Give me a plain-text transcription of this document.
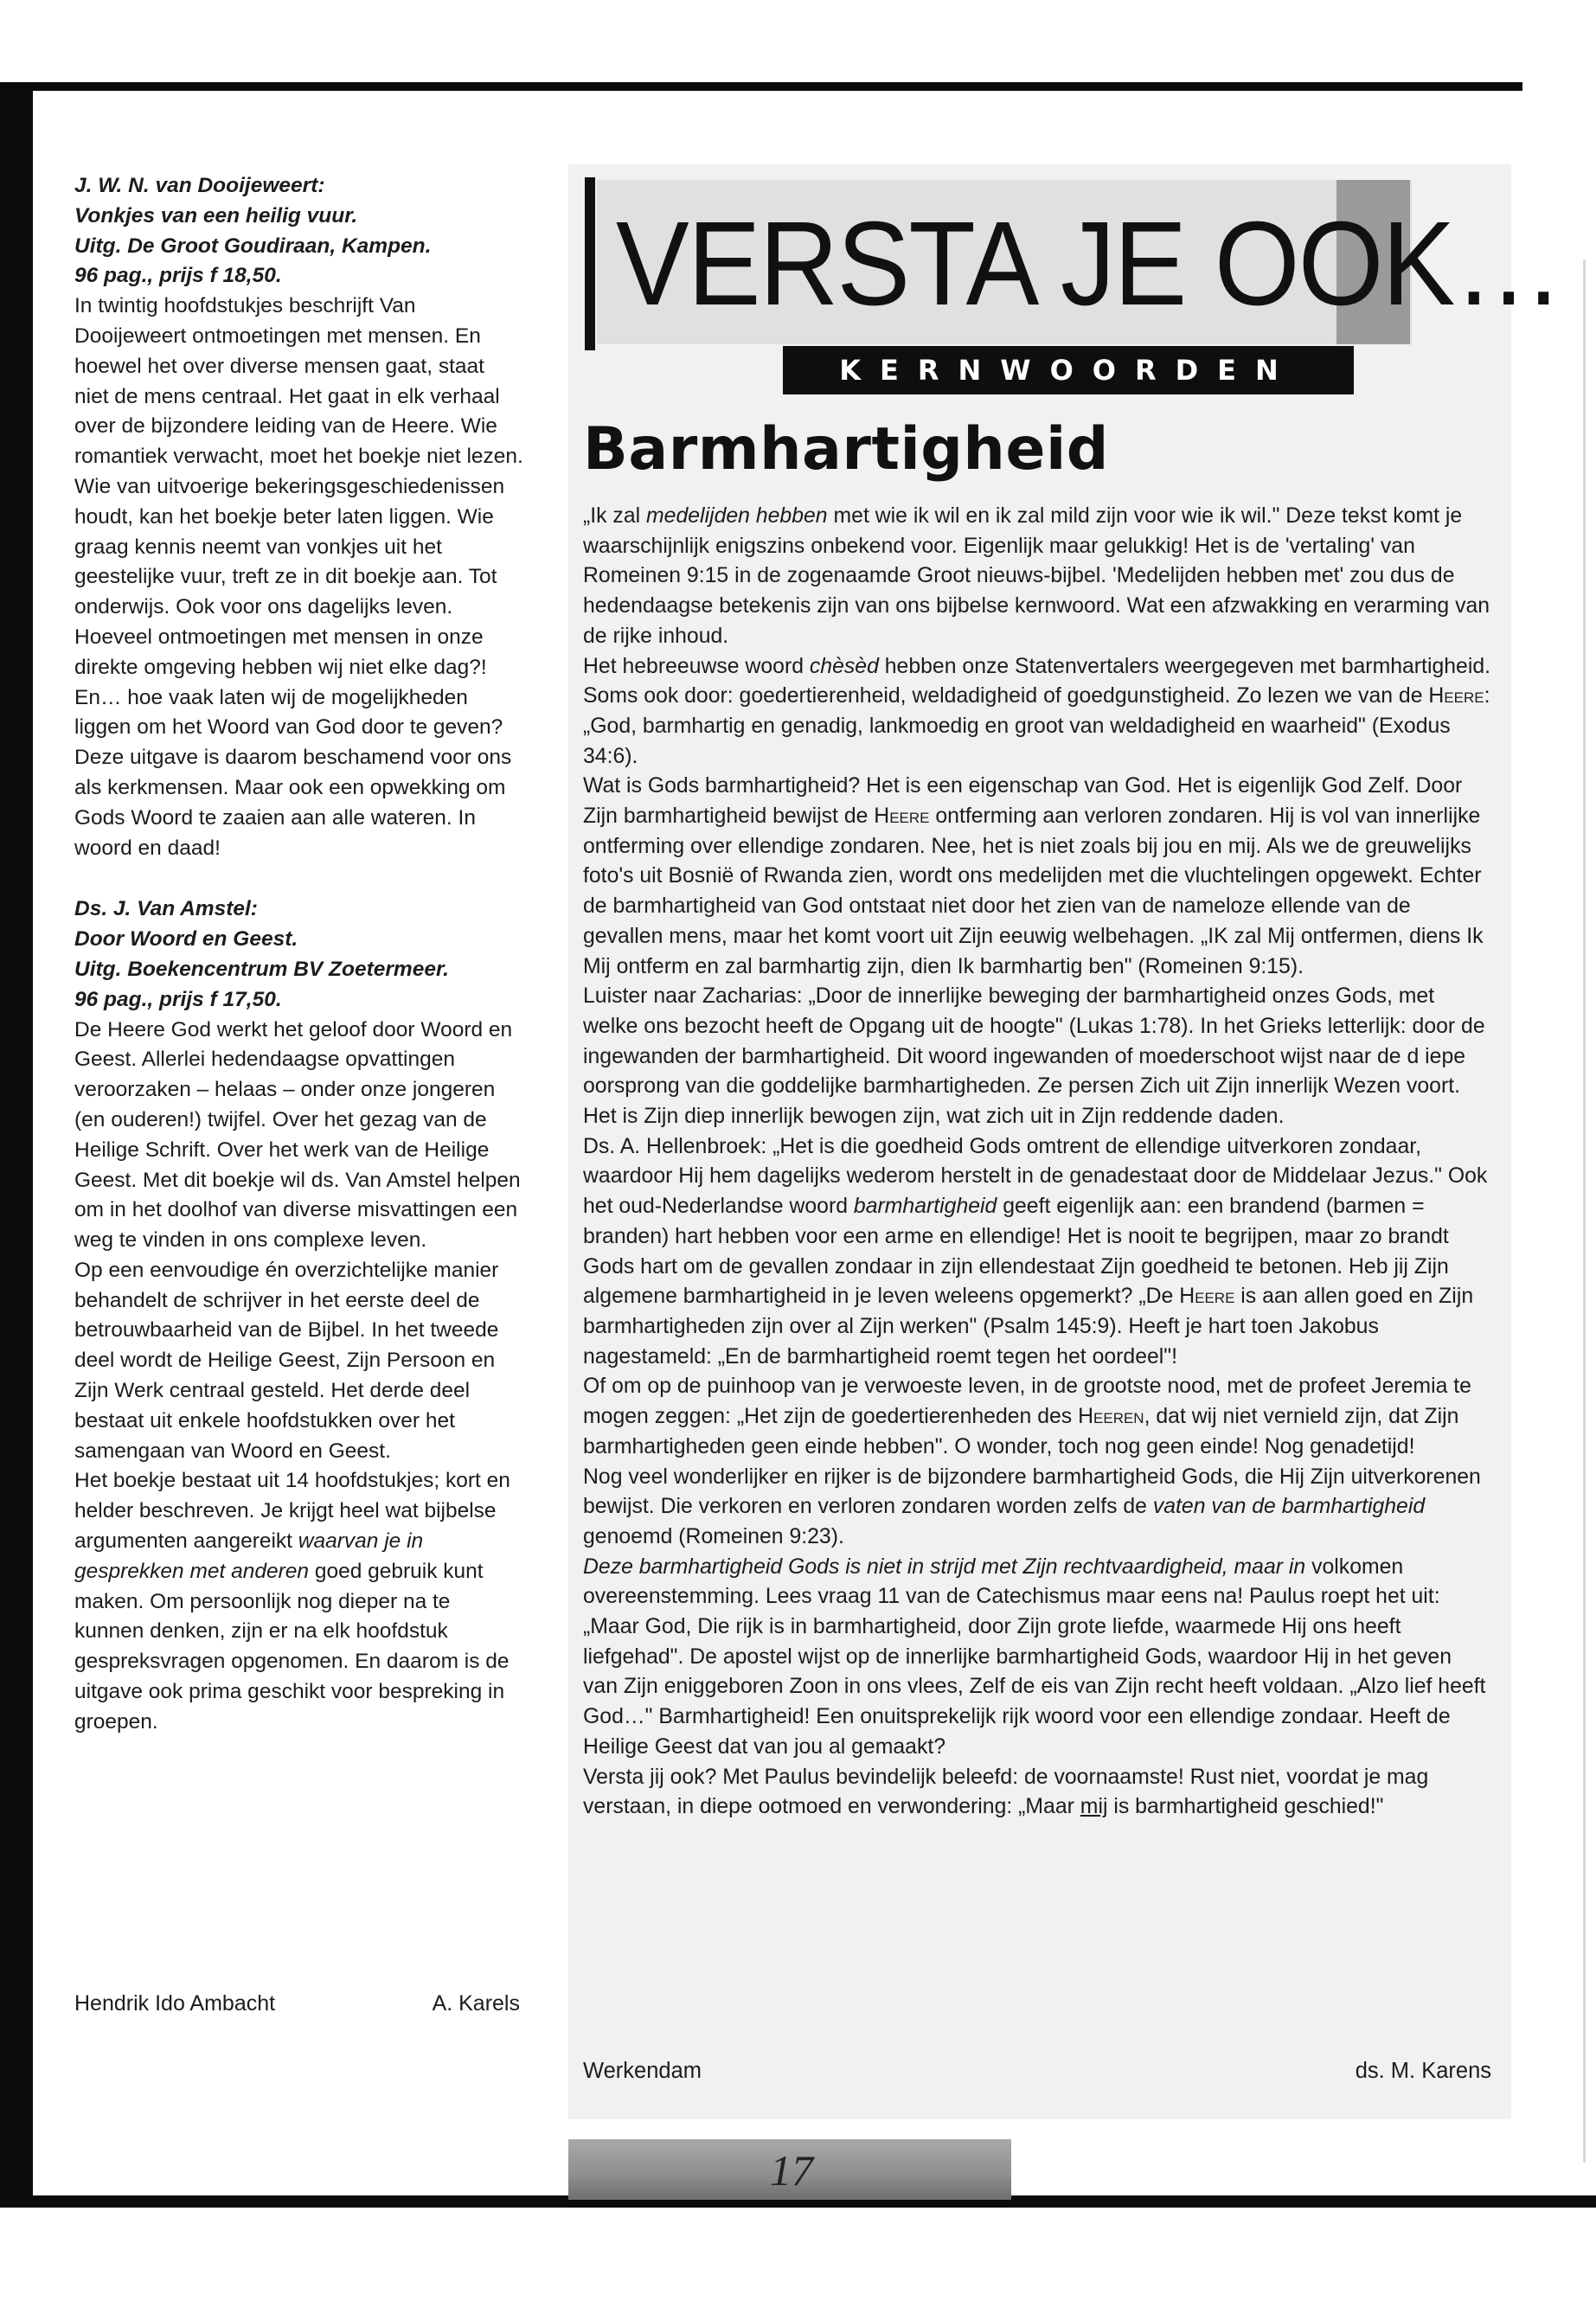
J. W. N. van Dooijeweert:

Vonkjes van een heilig vuur.

Uitg. De Groot Goudiraan, Kampen.

96 pag., prijs f 18,50.

In twintig hoofdstukjes beschrijft Van Dooijeweert ontmoetingen met mensen. En hoewel het over diverse mensen gaat, staat niet de mens centraal. Het gaat in elk verhaal over de bijzondere leiding van de Heere. Wie romantiek verwacht, moet het boekje niet lezen. Wie van uitvoerige bekeringsgeschiedenissen houdt, kan het boekje beter laten liggen. Wie graag kennis neemt van vonkjes uit het geestelijke vuur, treft ze in dit boekje aan. Tot onderwijs. Ook voor ons dagelijks leven. Hoeveel ontmoetingen met mensen in onze direkte omgeving hebben wij niet elke dag?! En… hoe vaak laten wij de mogelijkheden liggen om het Woord van God door te geven? Deze uitgave is daarom beschamend voor ons als kerkmensen. Maar ook een opwekking om Gods Woord te zaaien aan alle wateren. In woord en daad!

Ds. J. Van Amstel:

Door Woord en Geest.

Uitg. Boekencentrum BV Zoetermeer.

96 pag., prijs f 17,50.

De Heere God werkt het geloof door Woord en Geest. Allerlei hedendaagse opvattingen veroorzaken – helaas – onder onze jongeren (en ouderen!) twijfel. Over het gezag van de Heilige Schrift. Over het werk van de Heilige Geest. Met dit boekje wil ds. Van Amstel helpen om in het doolhof van diverse misvattingen een weg te vinden in ons complexe leven.

Op een eenvoudige én overzichtelijke manier behandelt de schrijver in het eerste deel de betrouwbaarheid van de Bijbel. In het tweede deel wordt de Heilige Geest, Zijn Persoon en Zijn Werk centraal gesteld. Het derde deel bestaat uit enkele hoofdstukken over het samengaan van Woord en Geest.

Het boekje bestaat uit 14 hoofdstukjes; kort en helder beschreven. Je krijgt heel wat bijbelse argumenten aangereikt waarvan je in gesprekken met anderen goed gebruik kunt maken. Om persoonlijk nog dieper na te kunnen denken, zijn er na elk hoofdstuk gespreksvragen opgenomen. En daarom is de uitgave ook prima geschikt voor bespreking in groepen.

Hendrik Ido Ambacht	A. Karels
VERSTA JE OOK…
KERNWOORDEN
Barmhartigheid

„Ik zal medelijden hebben met wie ik wil en ik zal mild zijn voor wie ik wil." Deze tekst komt je waarschijnlijk enigszins onbekend voor. Eigenlijk maar gelukkig! Het is de 'vertaling' van Romeinen 9:15 in de zogenaamde Groot nieuws-bijbel. 'Medelijden hebben met' zou dus de hedendaagse betekenis zijn van ons bijbelse kernwoord. Wat een afzwakking en verarming van de rijke inhoud.

Het hebreeuwse woord chèsèd hebben onze Statenvertalers weergegeven met barmhartigheid. Soms ook door: goedertierenheid, weldadigheid of goedgunstigheid. Zo lezen we van de Heere: „God, barmhartig en genadig, lankmoedig en groot van weldadigheid en waarheid" (Exodus 34:6).

Wat is Gods barmhartigheid? Het is een eigenschap van God. Het is eigenlijk God Zelf. Door Zijn barmhartigheid bewijst de Heere ontferming aan verloren zondaren. Hij is vol van innerlijke ontferming over ellendige zondaren. Nee, het is niet zoals bij jou en mij. Als we de greuwelijks foto's uit Bosnië of Rwanda zien, wordt ons medelijden met die vluchtelingen opgewekt. Echter de barmhartigheid van God ontstaat niet door het zien van de nameloze ellende van de gevallen mens, maar het komt voort uit Zijn eeuwig welbehagen. „IK zal Mij ontfermen, diens Ik Mij ontferm en zal barmhartig zijn, dien Ik barmhartig ben" (Romeinen 9:15).

Luister naar Zacharias: „Door de innerlijke beweging der barmhartigheid onzes Gods, met welke ons bezocht heeft de Opgang uit de hoogte" (Lukas 1:78). In het Grieks letterlijk: door de ingewanden der barmhartigheid. Dit woord ingewanden of moederschoot wijst naar de d iepe oorsprong van die goddelijke barmhartigheden. Ze persen Zich uit Zijn innerlijk Wezen voort. Het is Zijn diep innerlijk bewogen zijn, wat zich uit in Zijn reddende daden.

Ds. A. Hellenbroek: „Het is die goedheid Gods omtrent de ellendige uitverkoren zondaar, waardoor Hij hem dagelijks wederom herstelt in de genadestaat door de Middelaar Jezus." Ook het oud-Nederlandse woord barmhartigheid geeft eigenlijk aan: een brandend (barmen = branden) hart hebben voor een arme en ellendige! Het is nooit te begrijpen, maar zo brandt Gods hart om de gevallen zondaar in zijn ellendestaat Zijn goedheid te betonen. Heb jij Zijn algemene barmhartigheid in je leven weleens opgemerkt? „De Heere is aan allen goed en Zijn barmhartigheden zijn over al Zijn werken" (Psalm 145:9). Heeft je hart toen Jakobus nagestameld: „En de barmhartigheid roemt tegen het oordeel"!

Of om op de puinhoop van je verwoeste leven, in de grootste nood, met de profeet Jeremia te mogen zeggen: „Het zijn de goedertierenheden des Heeren, dat wij niet vernield zijn, dat Zijn barmhartigheden geen einde hebben". O wonder, toch nog geen einde! Nog genadetijd!

Nog veel wonderlijker en rijker is de bijzondere barmhartigheid Gods, die Hij Zijn uitverkorenen bewijst. Die verkoren en verloren zondaren worden zelfs de vaten van de barmhartigheid genoemd (Romeinen 9:23).

Deze barmhartigheid Gods is niet in strijd met Zijn rechtvaardigheid, maar in volkomen overeenstemming. Lees vraag 11 van de Catechismus maar eens na! Paulus roept het uit: „Maar God, Die rijk is in barmhartigheid, door Zijn grote liefde, waarmede Hij ons heeft liefgehad". De apostel wijst op de innerlijke barmhartigheid Gods, waardoor Hij in het geven van Zijn eniggeboren Zoon in ons vlees, Zelf de eis van Zijn recht heeft voldaan. „Alzo lief heeft God…" Barmhartigheid! Een onuitsprekelijk rijk woord voor een ellendige zondaar. Heeft de Heilige Geest dat van jou al gemaakt?

Versta jij ook? Met Paulus bevindelijk beleefd: de voornaamste! Rust niet, voordat je mag verstaan, in diepe ootmoed en verwondering: „Maar mij is barmhartigheid geschied!"

Werkendam	ds. M. Karens
17
